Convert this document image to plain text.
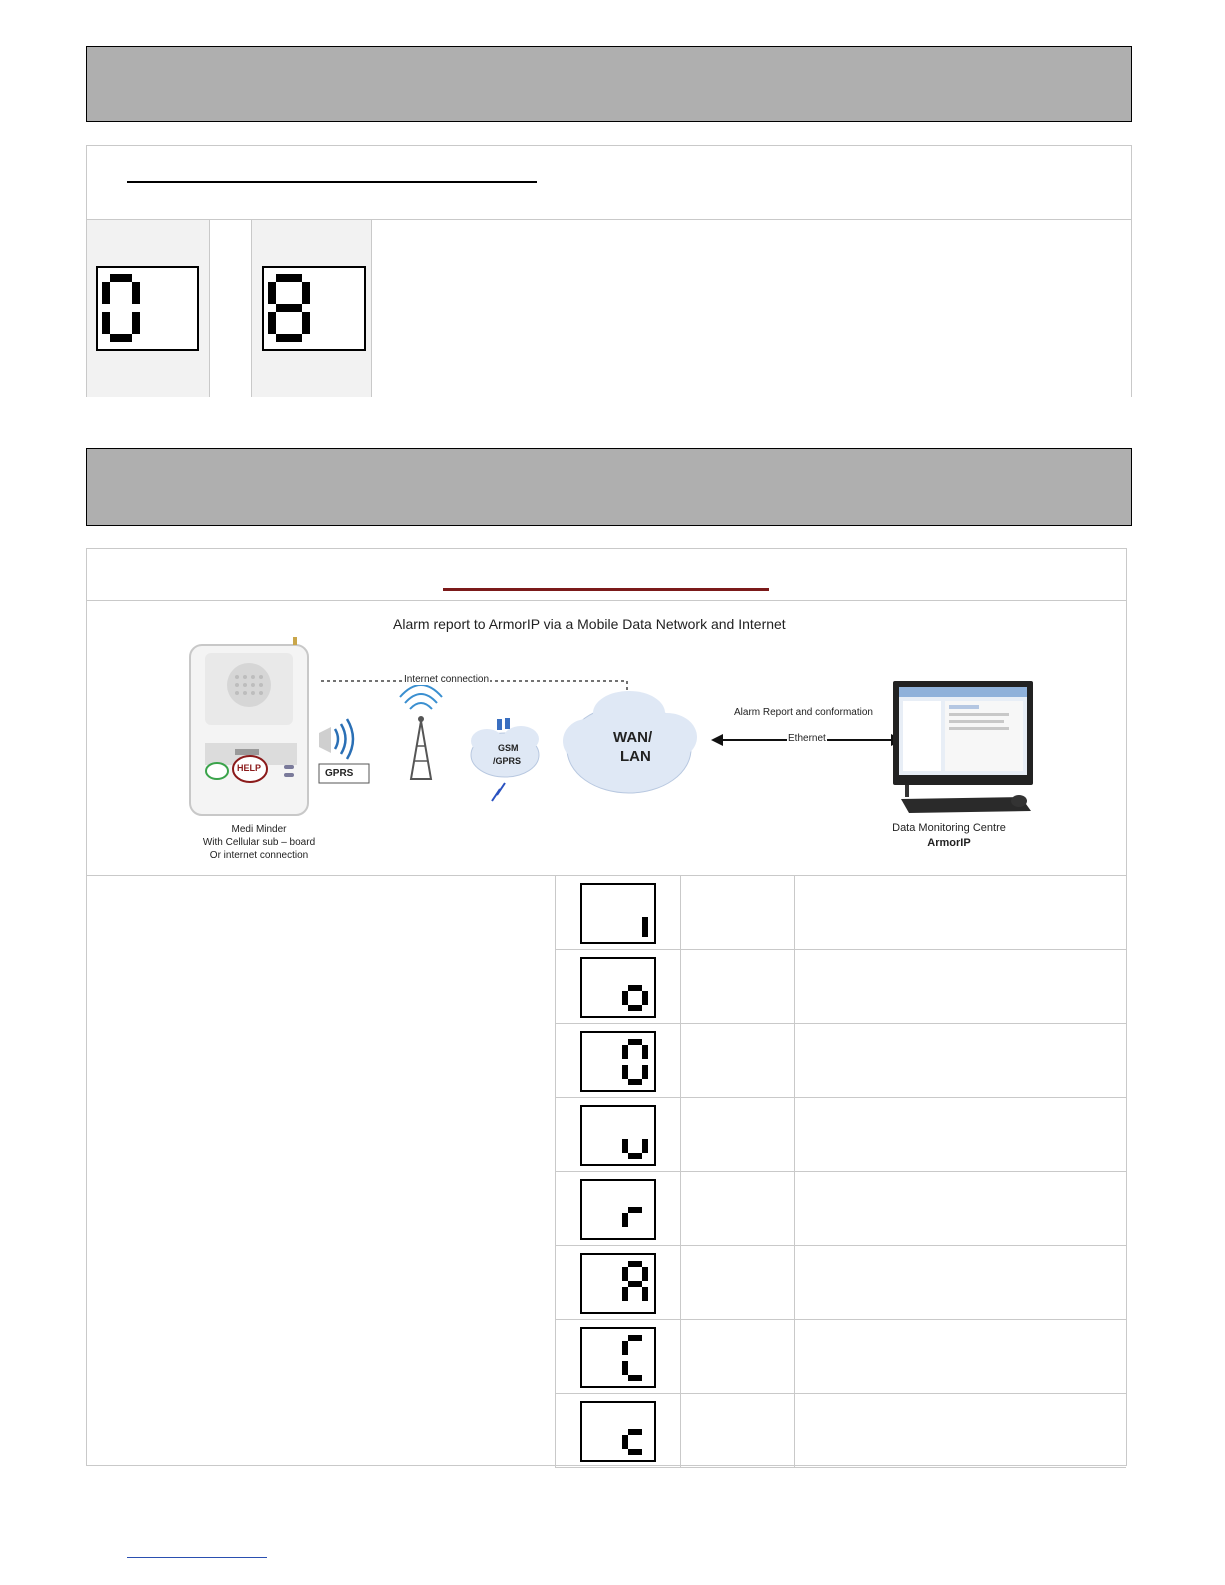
Alarm report to ArmorIP via a Mobile Data Network and Internet
Internet connection
GPRS
GSM
/GPRS
WAN/
LAN
HELP
Alarm Report and conformation
Ethernet
Medi Minder
With Cellular sub – board
Or internet connection
Data Monitoring Centre
ArmorIP
